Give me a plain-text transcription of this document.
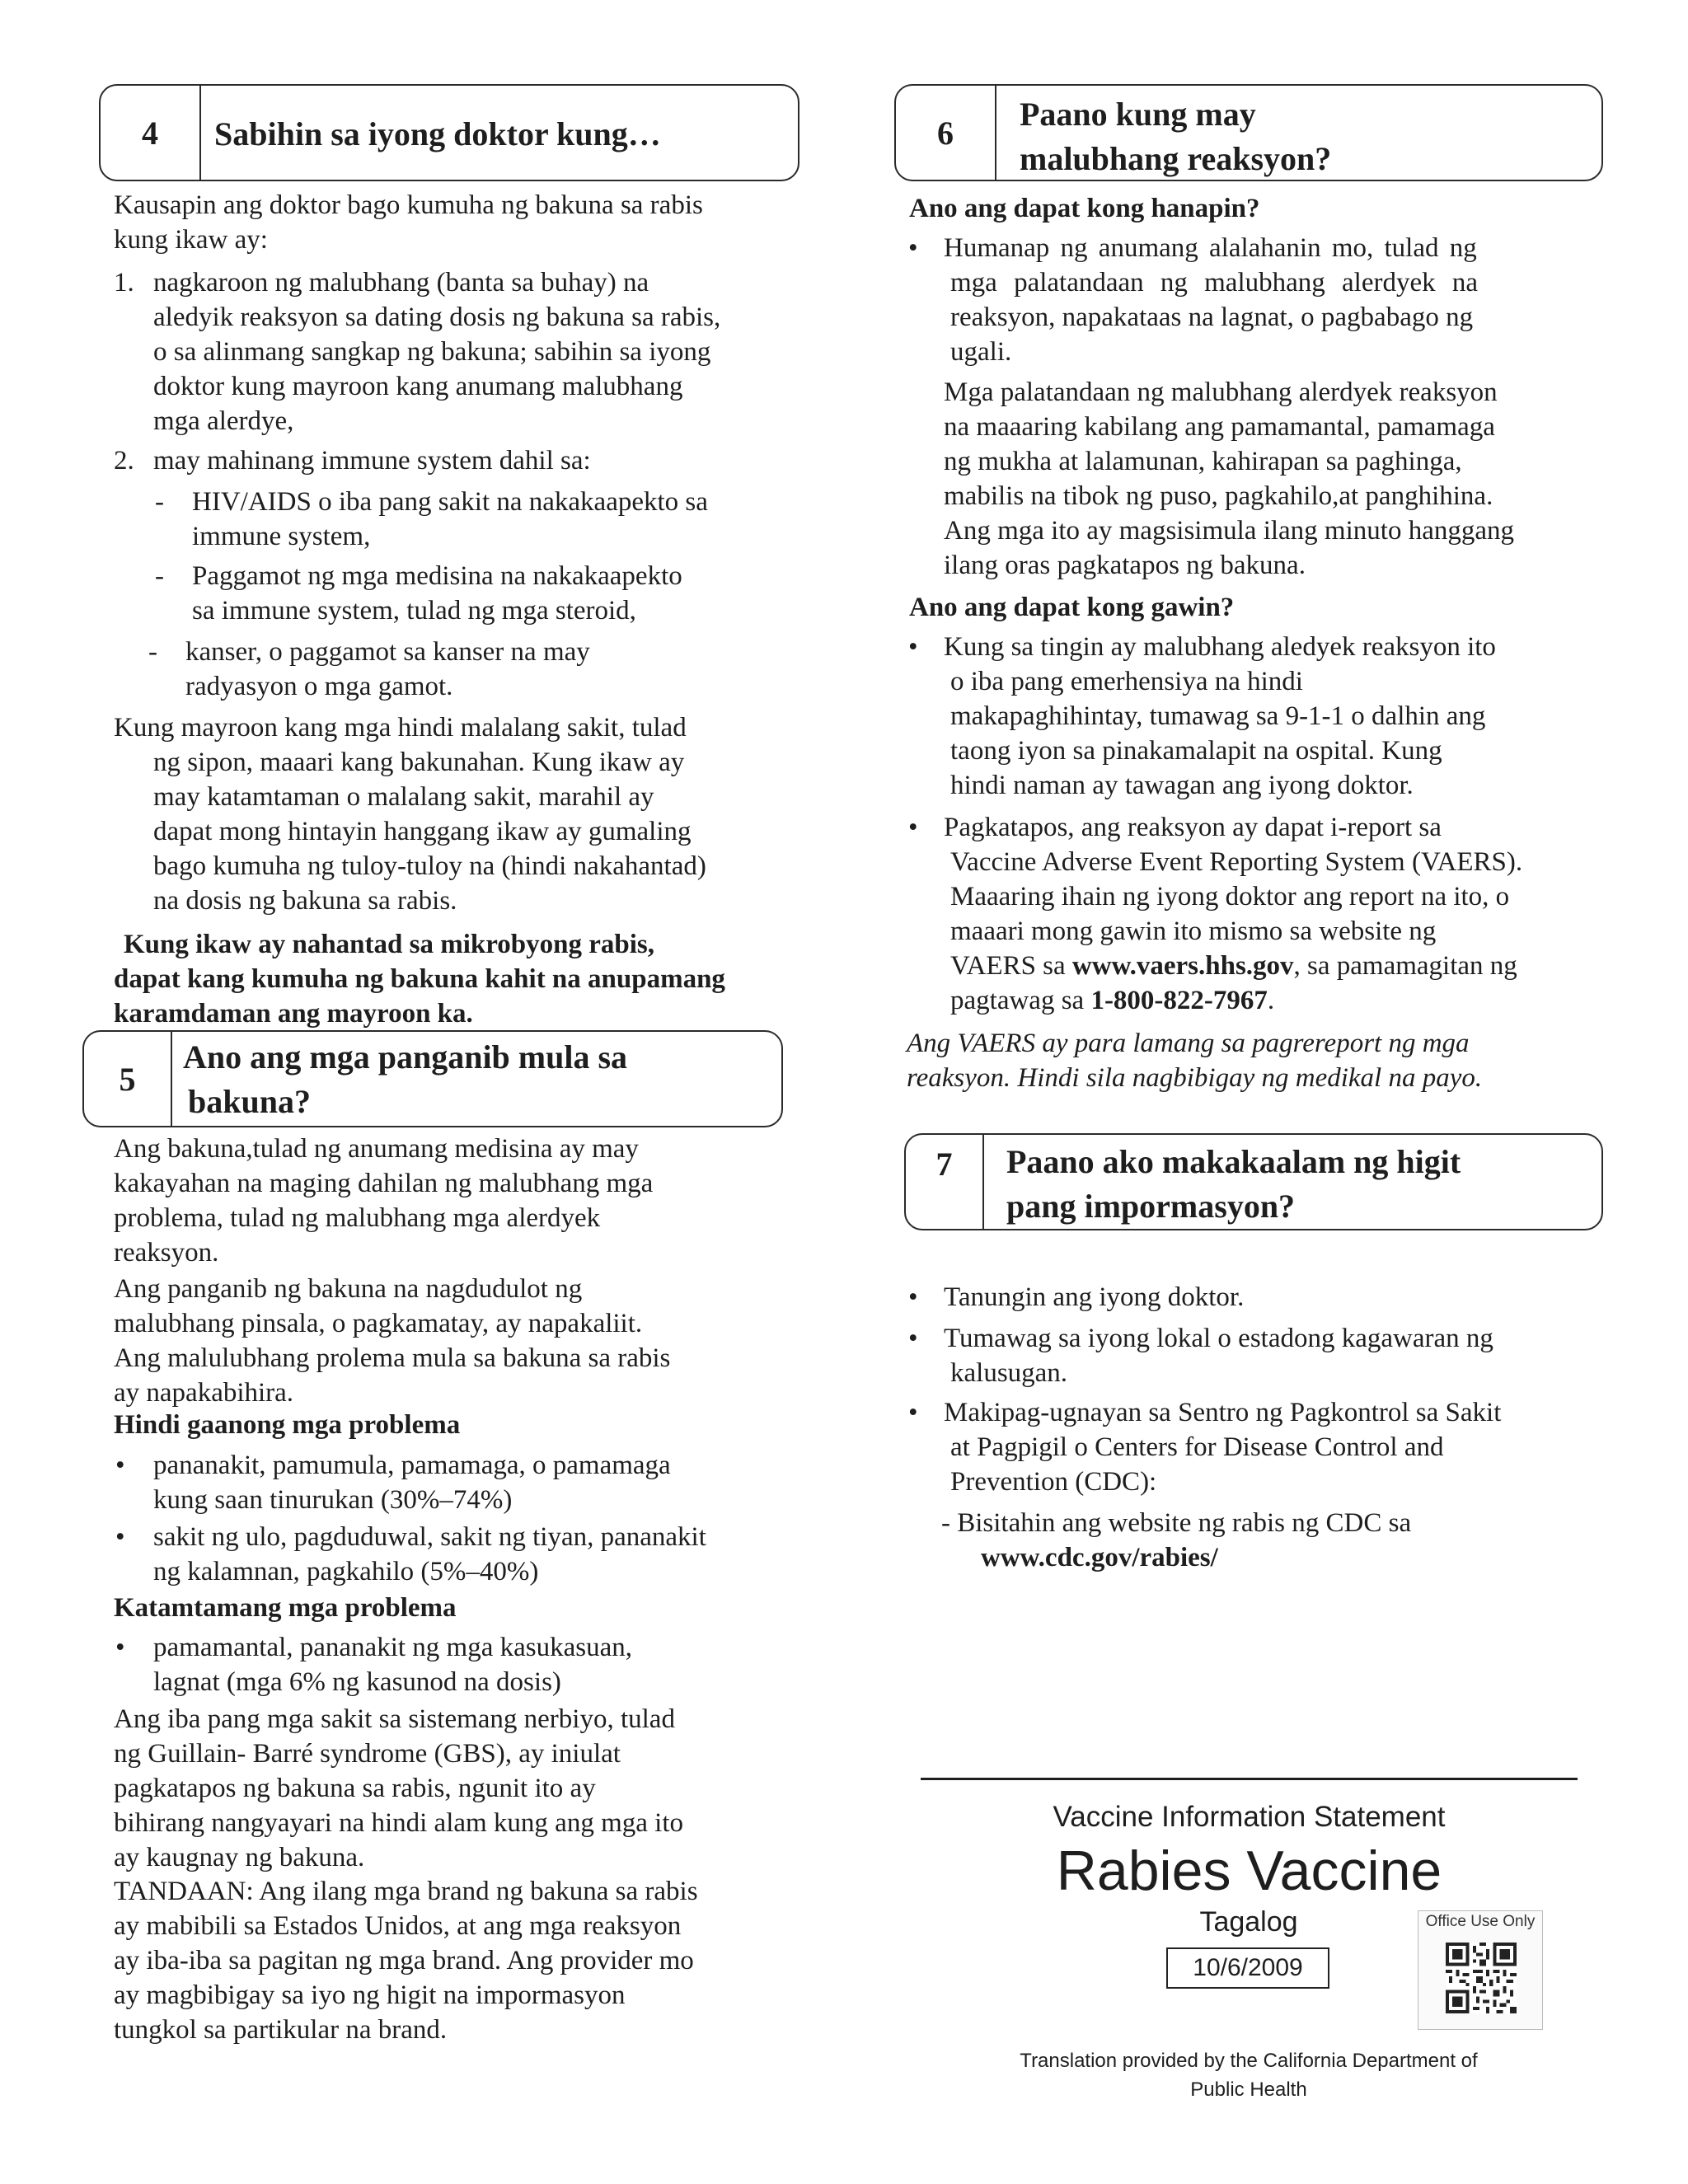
4	Sabihin sa iyong doktor kung…
Kausapin ang doktor bago kumuha ng bakuna sa rabis
kung ikaw ay:
1. nagkaroon ng malubhang (banta sa buhay) na
aledyik reaksyon sa dating dosis ng bakuna sa rabis,
o sa alinmang sangkap ng bakuna; sabihin sa iyong
doktor kung mayroon kang anumang malubhang
mga alerdye,
2. may mahinang immune system dahil sa:
- HIV/AIDS o iba pang sakit na nakakaapekto sa
immune system,
- Paggamot ng mga medisina na nakakaapekto
sa immune system, tulad ng mga steroid,
- kanser, o paggamot sa kanser na may
radyasyon o mga gamot.
Kung mayroon kang mga hindi malalang sakit, tulad
ng sipon, maaari kang bakunahan. Kung ikaw ay
may katamtaman o malalang sakit, marahil ay
dapat mong hintayin hanggang ikaw ay gumaling
bago kumuha ng tuloy-tuloy na (hindi nakahantad)
na dosis ng bakuna sa rabis.
Kung ikaw ay nahantad sa mikrobyong rabis,
dapat kang kumuha ng bakuna kahit na anupamang
karamdaman ang mayroon ka.
5
Ano ang mga panganib mula sa
bakuna?
Ang bakuna,tulad ng anumang medisina ay may
kakayahan na maging dahilan ng malubhang mga
problema, tulad ng malubhang mga alerdyek
reaksyon.
Ang panganib ng bakuna na nagdudulot ng
malubhang pinsala, o pagkamatay, ay napakaliit.
Ang malulubhang prolema mula sa bakuna sa rabis
ay napakabihira.
Hindi gaanong mga problema
• pananakit, pamumula, pamamaga, o pamamaga
kung saan tinurukan (30%–74%)
• sakit ng ulo, pagduduwal, sakit ng tiyan, pananakit
ng kalamnan, pagkahilo (5%–40%)
Katamtamang mga problema
• pamamantal, pananakit ng mga kasukasuan,
lagnat (mga 6% ng kasunod na dosis)
Ang iba pang mga sakit sa sistemang nerbiyo, tulad
ng Guillain- Barré syndrome (GBS), ay iniulat
pagkatapos ng bakuna sa rabis, ngunit ito ay
bihirang nangyayari na hindi alam kung ang mga ito
ay kaugnay ng bakuna.
TANDAAN: Ang ilang mga brand ng bakuna sa rabis
ay mabibili sa Estados Unidos, at ang mga reaksyon
ay iba-iba sa pagitan ng mga brand. Ang provider mo
ay magbibigay sa iyo ng higit na impormasyon
tungkol sa partikular na brand.
6	Paano kung may
malubhang reaksyon?
Ano ang dapat kong hanapin?
• Humanap ng anumang alalahanin mo, tulad ng
mga palatandaan ng malubhang alerdyek na
reaksyon, napakataas na lagnat, o pagbabago ng
ugali.
Mga palatandaan ng malubhang alerdyek reaksyon
na maaaring kabilang ang pamamantal, pamamaga
ng mukha at lalamunan, kahirapan sa paghinga,
mabilis na tibok ng puso, pagkahilo,at panghihina.
Ang mga ito ay magsisimula ilang minuto hanggang
ilang oras pagkatapos ng bakuna.
Ano ang dapat kong gawin?
• Kung sa tingin ay malubhang aledyek reaksyon ito
o iba pang emerhensiya na hindi
makapaghihintay, tumawag sa 9-1-1 o dalhin ang
taong iyon sa pinakamalapit na ospital. Kung
hindi naman ay tawagan ang iyong doktor.
• Pagkatapos, ang reaksyon ay dapat i-report sa
Vaccine Adverse Event Reporting System (VAERS).
Maaaring ihain ng iyong doktor ang report na ito, o
maaari mong gawin ito mismo sa website ng
VAERS sa www.vaers.hhs.gov, sa pamamagitan ng
pagtawag sa 1-800-822-7967.
Ang VAERS ay para lamang sa pagrereport ng mga
reaksyon. Hindi sila nagbibigay ng medikal na payo.
7	Paano ako makakaalam ng higit
pang impormasyon?
• Tanungin ang iyong doktor.
• Tumawag sa iyong lokal o estadong kagawaran ng
kalusugan.
• Makipag-ugnayan sa Sentro ng Pagkontrol sa Sakit
at Pagpigil o Centers for Disease Control and
Prevention (CDC):
- Bisitahin ang website ng rabis ng CDC sa
www.cdc.gov/rabies/
Vaccine Information Statement
Rabies Vaccine
Tagalog
10/6/2009
Office Use Only
Translation provided by the California Department of
Public Health
